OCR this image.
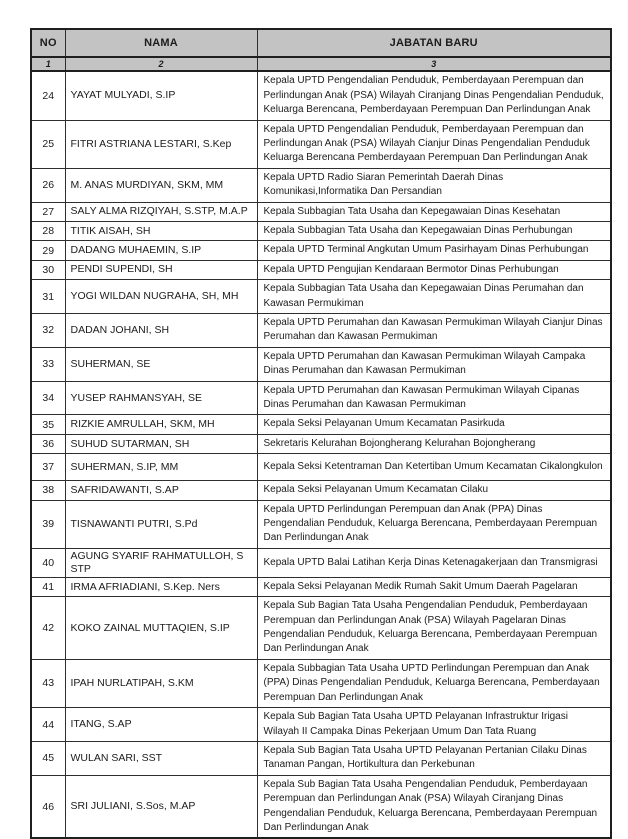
NO	NAMA	JABATAN BARU
1	2	3
24	YAYAT MULYADI, S.IP	Kepala UPTD Pengendalian Penduduk, Pemberdayaan Perempuan dan Perlindungan Anak (PSA) Wilayah Ciranjang Dinas Pengendalian Penduduk, Keluarga Berencana, Pemberdayaan Perempuan Dan Perlindungan Anak
25	FITRI ASTRIANA LESTARI, S.Kep	Kepala UPTD Pengendalian Penduduk, Pemberdayaan Perempuan dan Perlindungan Anak (PSA) Wilayah Cianjur Dinas Pengendalian Penduduk Keluarga Berencana Pemberdayaan Perempuan Dan Perlindungan Anak
26	M. ANAS MURDIYAN, SKM, MM	Kepala UPTD Radio Siaran Pemerintah Daerah Dinas Komunikasi,Informatika Dan Persandian
27	SALY ALMA RIZQIYAH, S.STP, M.A.P	Kepala Subbagian Tata Usaha dan Kepegawaian Dinas Kesehatan
28	TITIK AISAH, SH	Kepala Subbagian Tata Usaha dan Kepegawaian Dinas Perhubungan
29	DADANG MUHAEMIN, S.IP	Kepala UPTD Terminal Angkutan Umum Pasirhayam Dinas Perhubungan
30	PENDI SUPENDI, SH	Kepala UPTD Pengujian Kendaraan Bermotor Dinas Perhubungan
31	YOGI WILDAN NUGRAHA, SH, MH	Kepala Subbagian Tata Usaha dan Kepegawaian Dinas Perumahan dan Kawasan Permukiman
32	DADAN JOHANI, SH	Kepala UPTD Perumahan dan Kawasan Permukiman Wilayah Cianjur Dinas Perumahan dan Kawasan Permukiman
33	SUHERMAN, SE	Kepala UPTD Perumahan dan Kawasan Permukiman Wilayah Campaka Dinas Perumahan dan Kawasan Permukiman
34	YUSEP RAHMANSYAH, SE	Kepala UPTD Perumahan dan Kawasan Permukiman Wilayah Cipanas Dinas Perumahan dan Kawasan Permukiman
35	RIZKIE AMRULLAH, SKM, MH	Kepala Seksi Pelayanan Umum Kecamatan Pasirkuda
36	SUHUD SUTARMAN, SH	Sekretaris Kelurahan Bojongherang Kelurahan Bojongherang
37	SUHERMAN, S.IP, MM	Kepala Seksi Ketentraman Dan Ketertiban Umum Kecamatan Cikalongkulon
38	SAFRIDAWANTI, S.AP	Kepala Seksi Pelayanan Umum Kecamatan Cilaku
39	TISNAWANTI PUTRI, S.Pd	Kepala UPTD Perlindungan Perempuan dan Anak (PPA) Dinas Pengendalian Penduduk, Keluarga Berencana, Pemberdayaan Perempuan Dan Perlindungan Anak
40	AGUNG SYARIF RAHMATULLOH, S STP	Kepala UPTD Balai Latihan Kerja Dinas Ketenagakerjaan dan Transmigrasi
41	IRMA AFRIADIANI, S.Kep. Ners	Kepala Seksi Pelayanan Medik Rumah Sakit Umum Daerah Pagelaran
42	KOKO ZAINAL MUTTAQIEN, S.IP	Kepala Sub Bagian Tata Usaha Pengendalian Penduduk, Pemberdayaan Perempuan dan Perlindungan Anak (PSA) Wilayah Pagelaran Dinas Pengendalian Penduduk, Keluarga Berencana, Pemberdayaan Perempuan Dan Perlindungan Anak
43	IPAH NURLATIPAH, S.KM	Kepala Subbagian Tata Usaha UPTD Perlindungan Perempuan dan Anak (PPA) Dinas Pengendalian Penduduk, Keluarga Berencana, Pemberdayaan Perempuan Dan Perlindungan Anak
44	ITANG, S.AP	Kepala Sub Bagian Tata Usaha UPTD Pelayanan Infrastruktur Irigasi Wilayah II Campaka Dinas Pekerjaan Umum Dan Tata Ruang
45	WULAN SARI, SST	Kepala Sub Bagian Tata Usaha UPTD Pelayanan Pertanian Cilaku Dinas Tanaman Pangan, Hortikultura dan Perkebunan
46	SRI JULIANI, S.Sos, M.AP	Kepala Sub Bagian Tata Usaha Pengendalian Penduduk, Pemberdayaan Perempuan dan Perlindungan Anak (PSA) Wilayah Ciranjang Dinas Pengendalian Penduduk, Keluarga Berencana, Pemberdayaan Perempuan Dan Perlindungan Anak
